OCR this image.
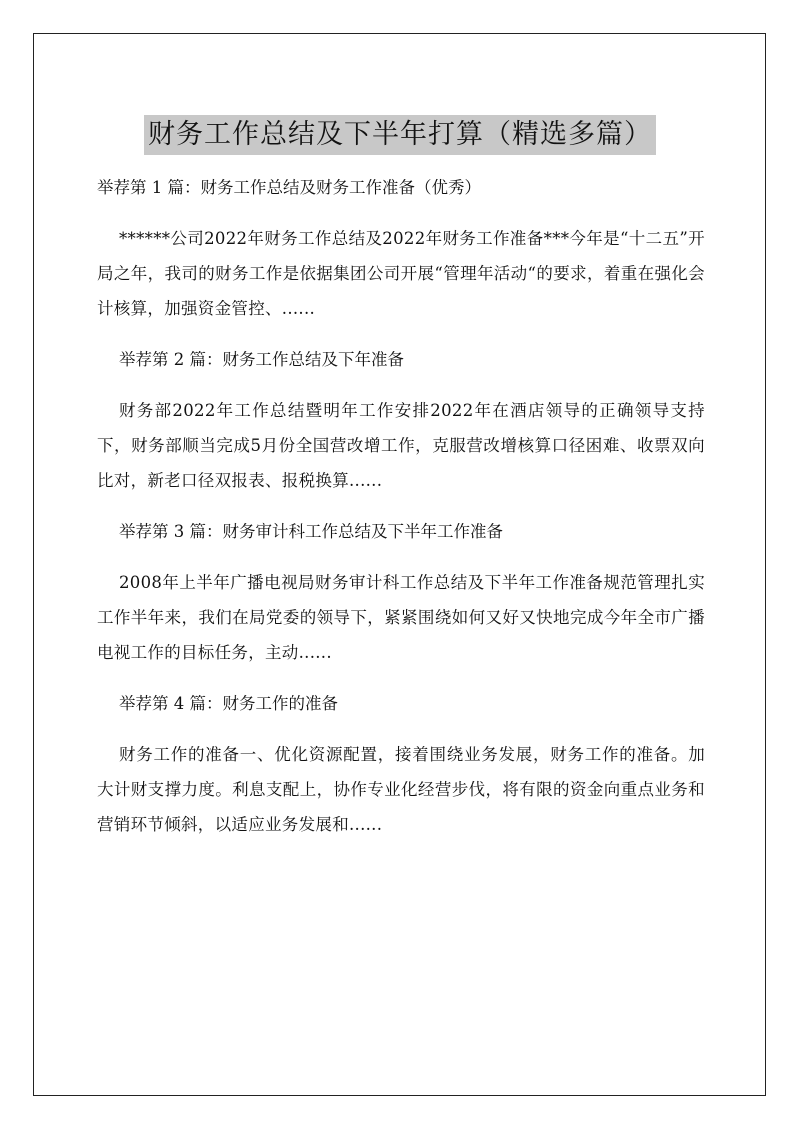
财务工作总结及下半年打算（精选多篇）

举荐第 1 篇：财务工作总结及财务工作准备（优秀）

******公司2022年财务工作总结及2022年财务工作准备***今年是“十二五”开局之年，我司的财务工作是依据集团公司开展“管理年活动“的要求，着重在强化会计核算，加强资金管控、......

举荐第 2 篇：财务工作总结及下年准备

财务部2022年工作总结暨明年工作安排2022年在酒店领导的正确领导支持下，财务部顺当完成5月份全国营改增工作，克服营改增核算口径困难、收票双向比对，新老口径双报表、报税换算......

举荐第 3 篇：财务审计科工作总结及下半年工作准备

2008年上半年广播电视局财务审计科工作总结及下半年工作准备规范管理扎实工作半年来，我们在局党委的领导下，紧紧围绕如何又好又快地完成今年全市广播电视工作的目标任务，主动......

举荐第 4 篇：财务工作的准备

财务工作的准备一、优化资源配置，接着围绕业务发展，财务工作的准备。加大计财支撑力度。利息支配上，协作专业化经营步伐，将有限的资金向重点业务和营销环节倾斜，以适应业务发展和......
